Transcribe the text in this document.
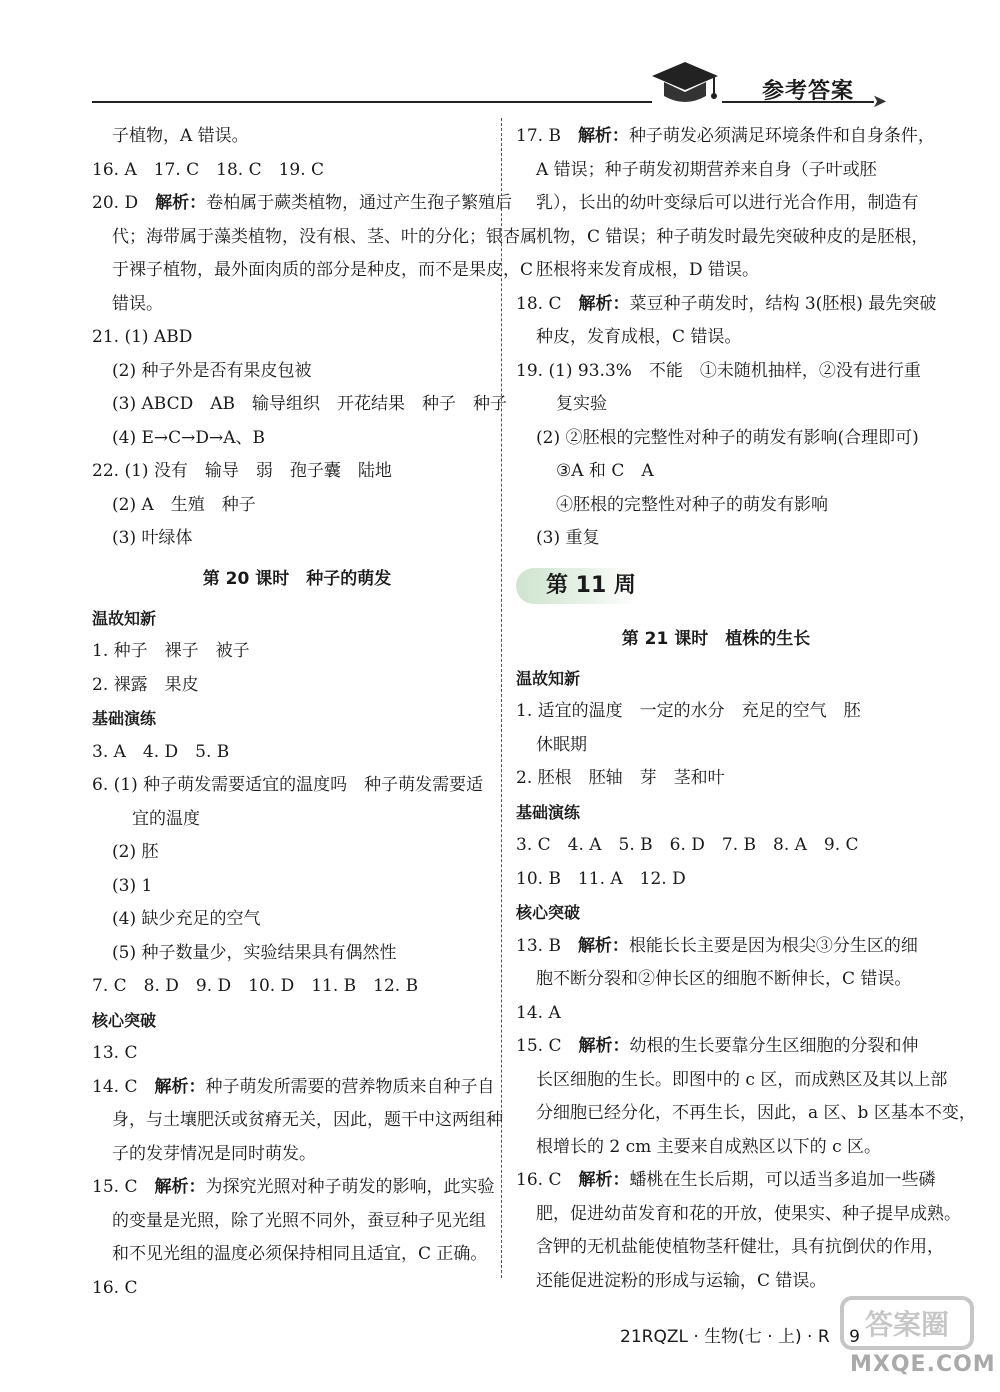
➤
参考答案
子植物，A 错误。
16. A　17. C　18. C　19. C
20. D　解析：卷柏属于蕨类植物，通过产生孢子繁殖后
代；海带属于藻类植物，没有根、茎、叶的分化；银杏属
于裸子植物，最外面肉质的部分是种皮，而不是果皮，C
错误。
21. (1) ABD
(2) 种子外是否有果皮包被
(3) ABCD　AB　输导组织　开花结果　种子　种子
(4) E→C→D→A、B
22. (1) 没有　输导　弱　孢子囊　陆地
(2) A　生殖　种子
(3) 叶绿体
第 20 课时　种子的萌发
温故知新
1. 种子　裸子　被子
2. 裸露　果皮
基础演练
3. A　4. D　5. B
6. (1) 种子萌发需要适宜的温度吗　种子萌发需要适
宜的温度
(2) 胚
(3) 1
(4) 缺少充足的空气
(5) 种子数量少，实验结果具有偶然性
7. C　8. D　9. D　10. D　11. B　12. B
核心突破
13. C
14. C　解析：种子萌发所需要的营养物质来自种子自
身，与土壤肥沃或贫瘠无关，因此，题干中这两组种
子的发芽情况是同时萌发。
15. C　解析：为探究光照对种子萌发的影响，此实验
的变量是光照，除了光照不同外，蚕豆种子见光组
和不见光组的温度必须保持相同且适宜，C 正确。
16. C
17. B　解析：种子萌发必须满足环境条件和自身条件，
A 错误；种子萌发初期营养来自身（子叶或胚
乳），长出的幼叶变绿后可以进行光合作用，制造有
机物，C 错误；种子萌发时最先突破种皮的是胚根，
胚根将来发育成根，D 错误。
18. C　解析：菜豆种子萌发时，结构 3(胚根) 最先突破
种皮，发育成根，C 错误。
19. (1) 93.3%　不能　①未随机抽样，②没有进行重
复实验
(2) ②胚根的完整性对种子的萌发有影响(合理即可)
③A 和 C　A
④胚根的完整性对种子的萌发有影响
(3) 重复
第 11 周
第 21 课时　植株的生长
温故知新
1. 适宜的温度　一定的水分　充足的空气　胚
休眠期
2. 胚根　胚轴　芽　茎和叶
基础演练
3. C　4. A　5. B　6. D　7. B　8. A　9. C
10. B　11. A　12. D
核心突破
13. B　解析：根能长长主要是因为根尖③分生区的细
胞不断分裂和②伸长区的细胞不断伸长，C 错误。
14. A
15. C　解析：幼根的生长要靠分生区细胞的分裂和伸
长区细胞的生长。即图中的 c 区，而成熟区及其以上部
分细胞已经分化，不再生长，因此，a 区、b 区基本不变，
根增长的 2 cm 主要来自成熟区以下的 c 区。
16. C　解析：蟠桃在生长后期，可以适当多追加一些磷
肥，促进幼苗发育和花的开放，使果实、种子提早成熟。
含钾的无机盐能使植物茎秆健壮，具有抗倒伏的作用，
还能促进淀粉的形成与运输，C 错误。
21RQZL · 生物(七 · 上) · R 9 答案圈
MXQE.COM
